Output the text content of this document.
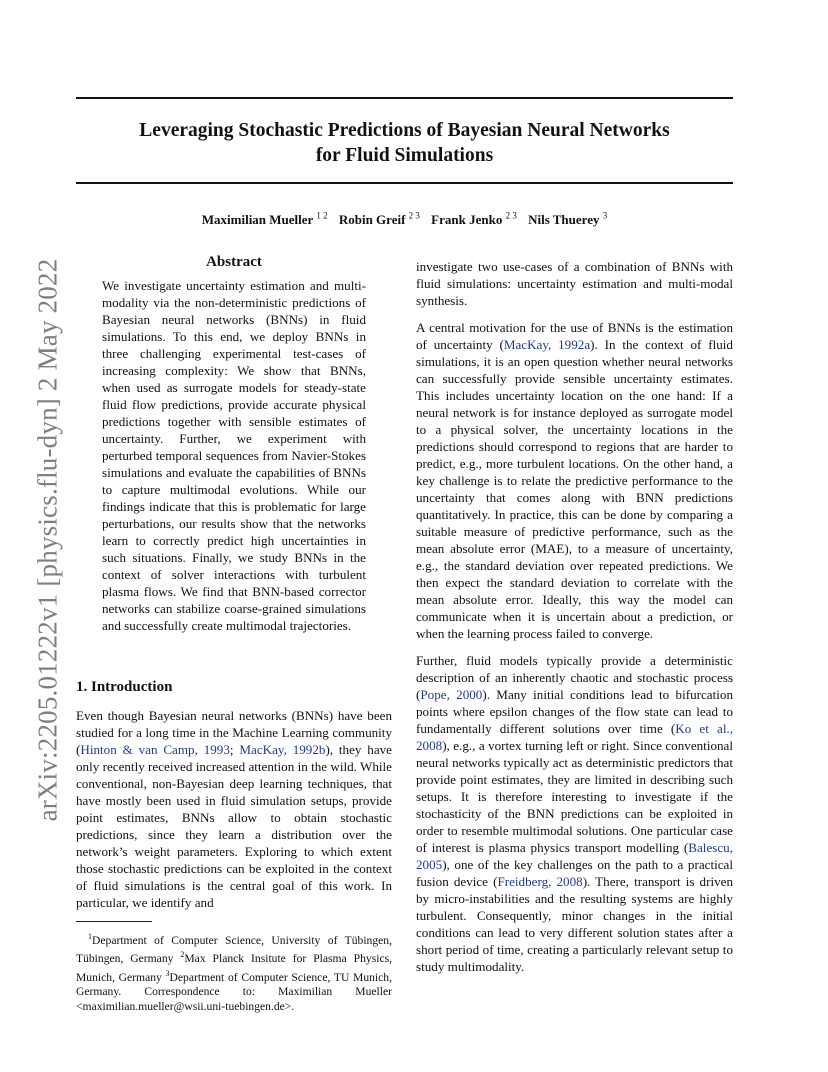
Leveraging Stochastic Predictions of Bayesian Neural Networks
for Fluid Simulations
Maximilian Mueller $^{1 2}$ Robin Greif $^{2 3}$ Frank Jenko $^{2 3}$ Nils Thuerey $^3$
arXiv:2205.01222v1 [physics.flu-dyn] 2 May 2022	Abstract
We investigate uncertainty estimation and multi-modality via the non-deterministic predictions of Bayesian neural networks (BNNs) in fluid simulations. To this end, we deploy BNNs in three challenging experimental test-cases of increasing complexity: We show that BNNs, when used as surrogate models for steady-state fluid flow predictions, provide accurate physical predictions together with sensible estimates of uncertainty. Further, we experiment with perturbed temporal sequences from Navier-Stokes simulations and evaluate the capabilities of BNNs to capture multimodal evolutions. While our findings indicate that this is problematic for large perturbations, our results show that the networks learn to correctly predict high uncertainties in such situations. Finally, we study BNNs in the context of solver interactions with turbulent plasma flows. We find that BNN-based corrector networks can stabilize coarse-grained simulations and successfully create multimodal trajectories.
1. Introduction

Even though Bayesian neural networks (BNNs) have been studied for a long time in the Machine Learning community (Hinton & van Camp, 1993; MacKay, 1992b), they have only recently received increased attention in the wild. While conventional, non-Bayesian deep learning techniques, that have mostly been used in fluid simulation setups, provide point estimates, BNNs allow to obtain stochastic predictions, since they learn a distribution over the network’s weight parameters. Exploring to which extent those stochastic predictions can be exploited in the context of fluid simulations is the central goal of this work. In particular, we identify and

$^1$Department of Computer Science, University of Tübingen, Tübingen, Germany $^2$Max Planck Insitute for Plasma Physics, Munich, Germany $^3$Department of Computer Science, TU Munich, Germany. Correspondence to: Maximilian Mueller <maximilian.mueller@wsii.uni-tuebingen.de>.

investigate two use-cases of a combination of BNNs with fluid simulations: uncertainty estimation and multi-modal synthesis.

A central motivation for the use of BNNs is the estimation of uncertainty (MacKay, 1992a). In the context of fluid simulations, it is an open question whether neural networks can successfully provide sensible uncertainty estimates. This includes uncertainty location on the one hand: If a neural network is for instance deployed as surrogate model to a physical solver, the uncertainty locations in the predictions should correspond to regions that are harder to predict, e.g., more turbulent locations. On the other hand, a key challenge is to relate the predictive performance to the uncertainty that comes along with BNN predictions quantitatively. In practice, this can be done by comparing a suitable measure of predictive performance, such as the mean absolute error (MAE), to a measure of uncertainty, e.g., the standard deviation over repeated predictions. We then expect the standard deviation to correlate with the mean absolute error. Ideally, this way the model can communicate when it is uncertain about a prediction, or when the learning process failed to converge.

Further, fluid models typically provide a deterministic description of an inherently chaotic and stochastic process (Pope, 2000). Many initial conditions lead to bifurcation points where epsilon changes of the flow state can lead to fundamentally different solutions over time (Ko et al., 2008), e.g., a vortex turning left or right. Since conventional neural networks typically act as deterministic predictors that provide point estimates, they are limited in describing such setups. It is therefore interesting to investigate if the stochasticity of the BNN predictions can be exploited in order to resemble multimodal solutions. One particular case of interest is plasma physics transport modelling (Balescu, 2005), one of the key challenges on the path to a practical fusion device (Freidberg, 2008). There, transport is driven by micro-instabilities and the resulting systems are highly turbulent. Consequently, minor changes in the initial conditions can lead to very different solution states after a short period of time, creating a particularly relevant setup to study multimodality.
